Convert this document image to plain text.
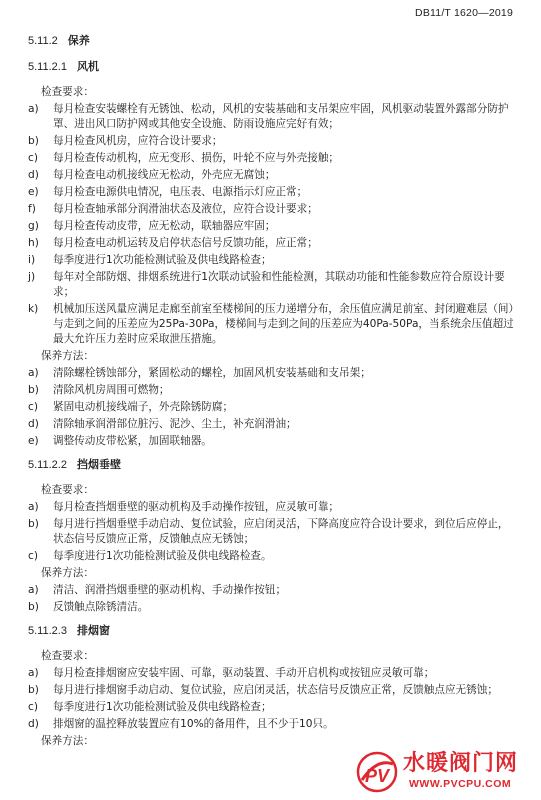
DB11/T 1620—2019
5.11.2 保养
5.11.2.1 风机
检查要求：
a)	每月检查安装螺栓有无锈蚀、松动，风机的安装基础和支吊架应牢固，风机驱动装置外露部分防护罩、进出风口防护网或其他安全设施、防雨设施应完好有效；
b)	每月检查风机房，应符合设计要求；
c)	每月检查传动机构，应无变形、损伤，叶轮不应与外壳接触；
d)	每月检查电动机接线应无松动，外壳应无腐蚀；
e)	每月检查电源供电情况，电压表、电源指示灯应正常；
f)	每月检查轴承部分润滑油状态及液位，应符合设计要求；
g)	每月检查传动皮带，应无松动，联轴器应牢固；
h)	每月检查电动机运转及启停状态信号反馈功能，应正常；
i)	每季度进行1次功能检测试验及供电线路检查；
j)	每年对全部防烟、排烟系统进行1次联动试验和性能检测，其联动功能和性能参数应符合原设计要求；
k)	机械加压送风量应满足走廊至前室至楼梯间的压力递增分布，余压值应满足前室、封闭避难层（间）与走到之间的压差应为25Pa-30Pa，楼梯间与走到之间的压差应为40Pa-50Pa，当系统余压值超过最大允许压力差时应采取泄压措施。
保养方法：
a)	清除螺栓锈蚀部分，紧固松动的螺栓，加固风机安装基础和支吊架；
b)	清除风机房周围可燃物；
c)	紧固电动机接线端子，外壳除锈防腐；
d)	清除轴承润滑部位脏污、泥沙、尘土，补充润滑油；
e)	调整传动皮带松紧，加固联轴器。
5.11.2.2 挡烟垂壁
检查要求：
a)	每月检查挡烟垂壁的驱动机构及手动操作按钮，应灵敏可靠；
b)	每月进行挡烟垂壁手动启动、复位试验，应启闭灵活，下降高度应符合设计要求，到位后应停止，状态信号反馈应正常，反馈触点应无锈蚀；
c)	每季度进行1次功能检测试验及供电线路检查。
保养方法：
a)	清洁、润滑挡烟垂壁的驱动机构、手动操作按钮；
b)	反馈触点除锈清洁。
5.11.2.3 排烟窗
检查要求：
a)	每月检查排烟窗应安装牢固、可靠，驱动装置、手动开启机构或按钮应灵敏可靠；
b)	每月进行排烟窗手动启动、复位试验，应启闭灵活，状态信号反馈应正常，反馈触点应无锈蚀；
c)	每季度进行1次功能检测试验及供电线路检查；
d)	排烟窗的温控释放装置应有10%的备用件，且不少于10只。
保养方法：
PV 水暖阀门网
WWW.PVCPU.COM
